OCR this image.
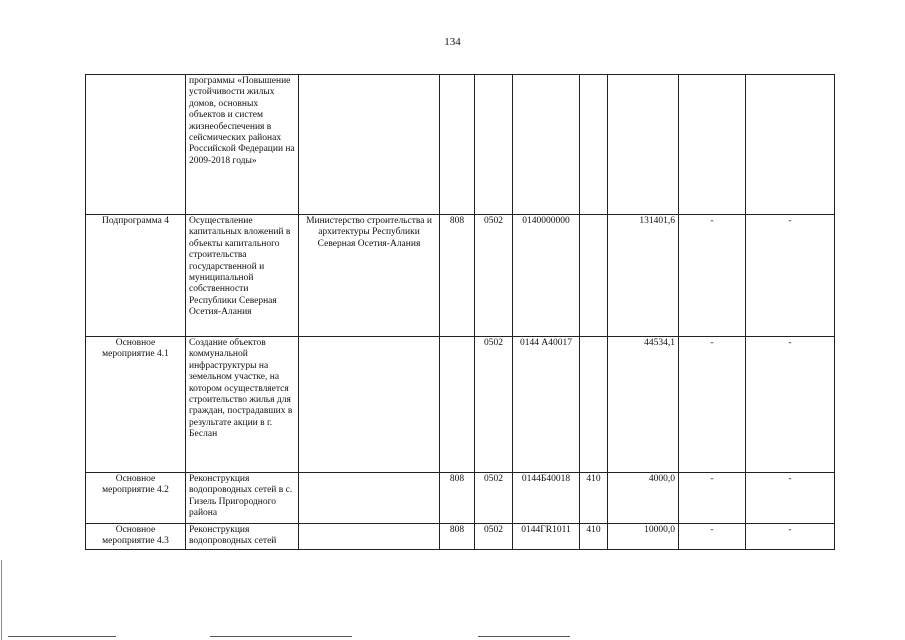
134
	программы «Повышение устойчивости жилых домов, основных объектов и систем жизнеобеспечения в сейсмических районах Российской Федерации на 2009-2018 годы»								
Подпрограмма 4	Осуществление капитальных вложений в объекты капитального строительства государственной и муниципальной собственности Республики Северная Осетия-Алания	Министерство строительства и архитектуры Республики Северная Осетия-Алания	808	0502	0140000000		131401,6	-	-
Основное мероприятие 4.1	Создание объектов коммунальной инфраструктуры на земельном участке, на котором осуществляется строительство жилья для граждан, пострадавших в результате акции в г. Беслан			0502	0144 А40017		44534,1	-	-
Основное мероприятие 4.2	Реконструкция водопроводных сетей в с. Гизель Пригородного района		808	0502	0144Б40018	410	4000,0	-	-
Основное мероприятие 4.3	Реконструкция водопроводных сетей		808	0502	0144ГR1011	410	10000,0	-	-
